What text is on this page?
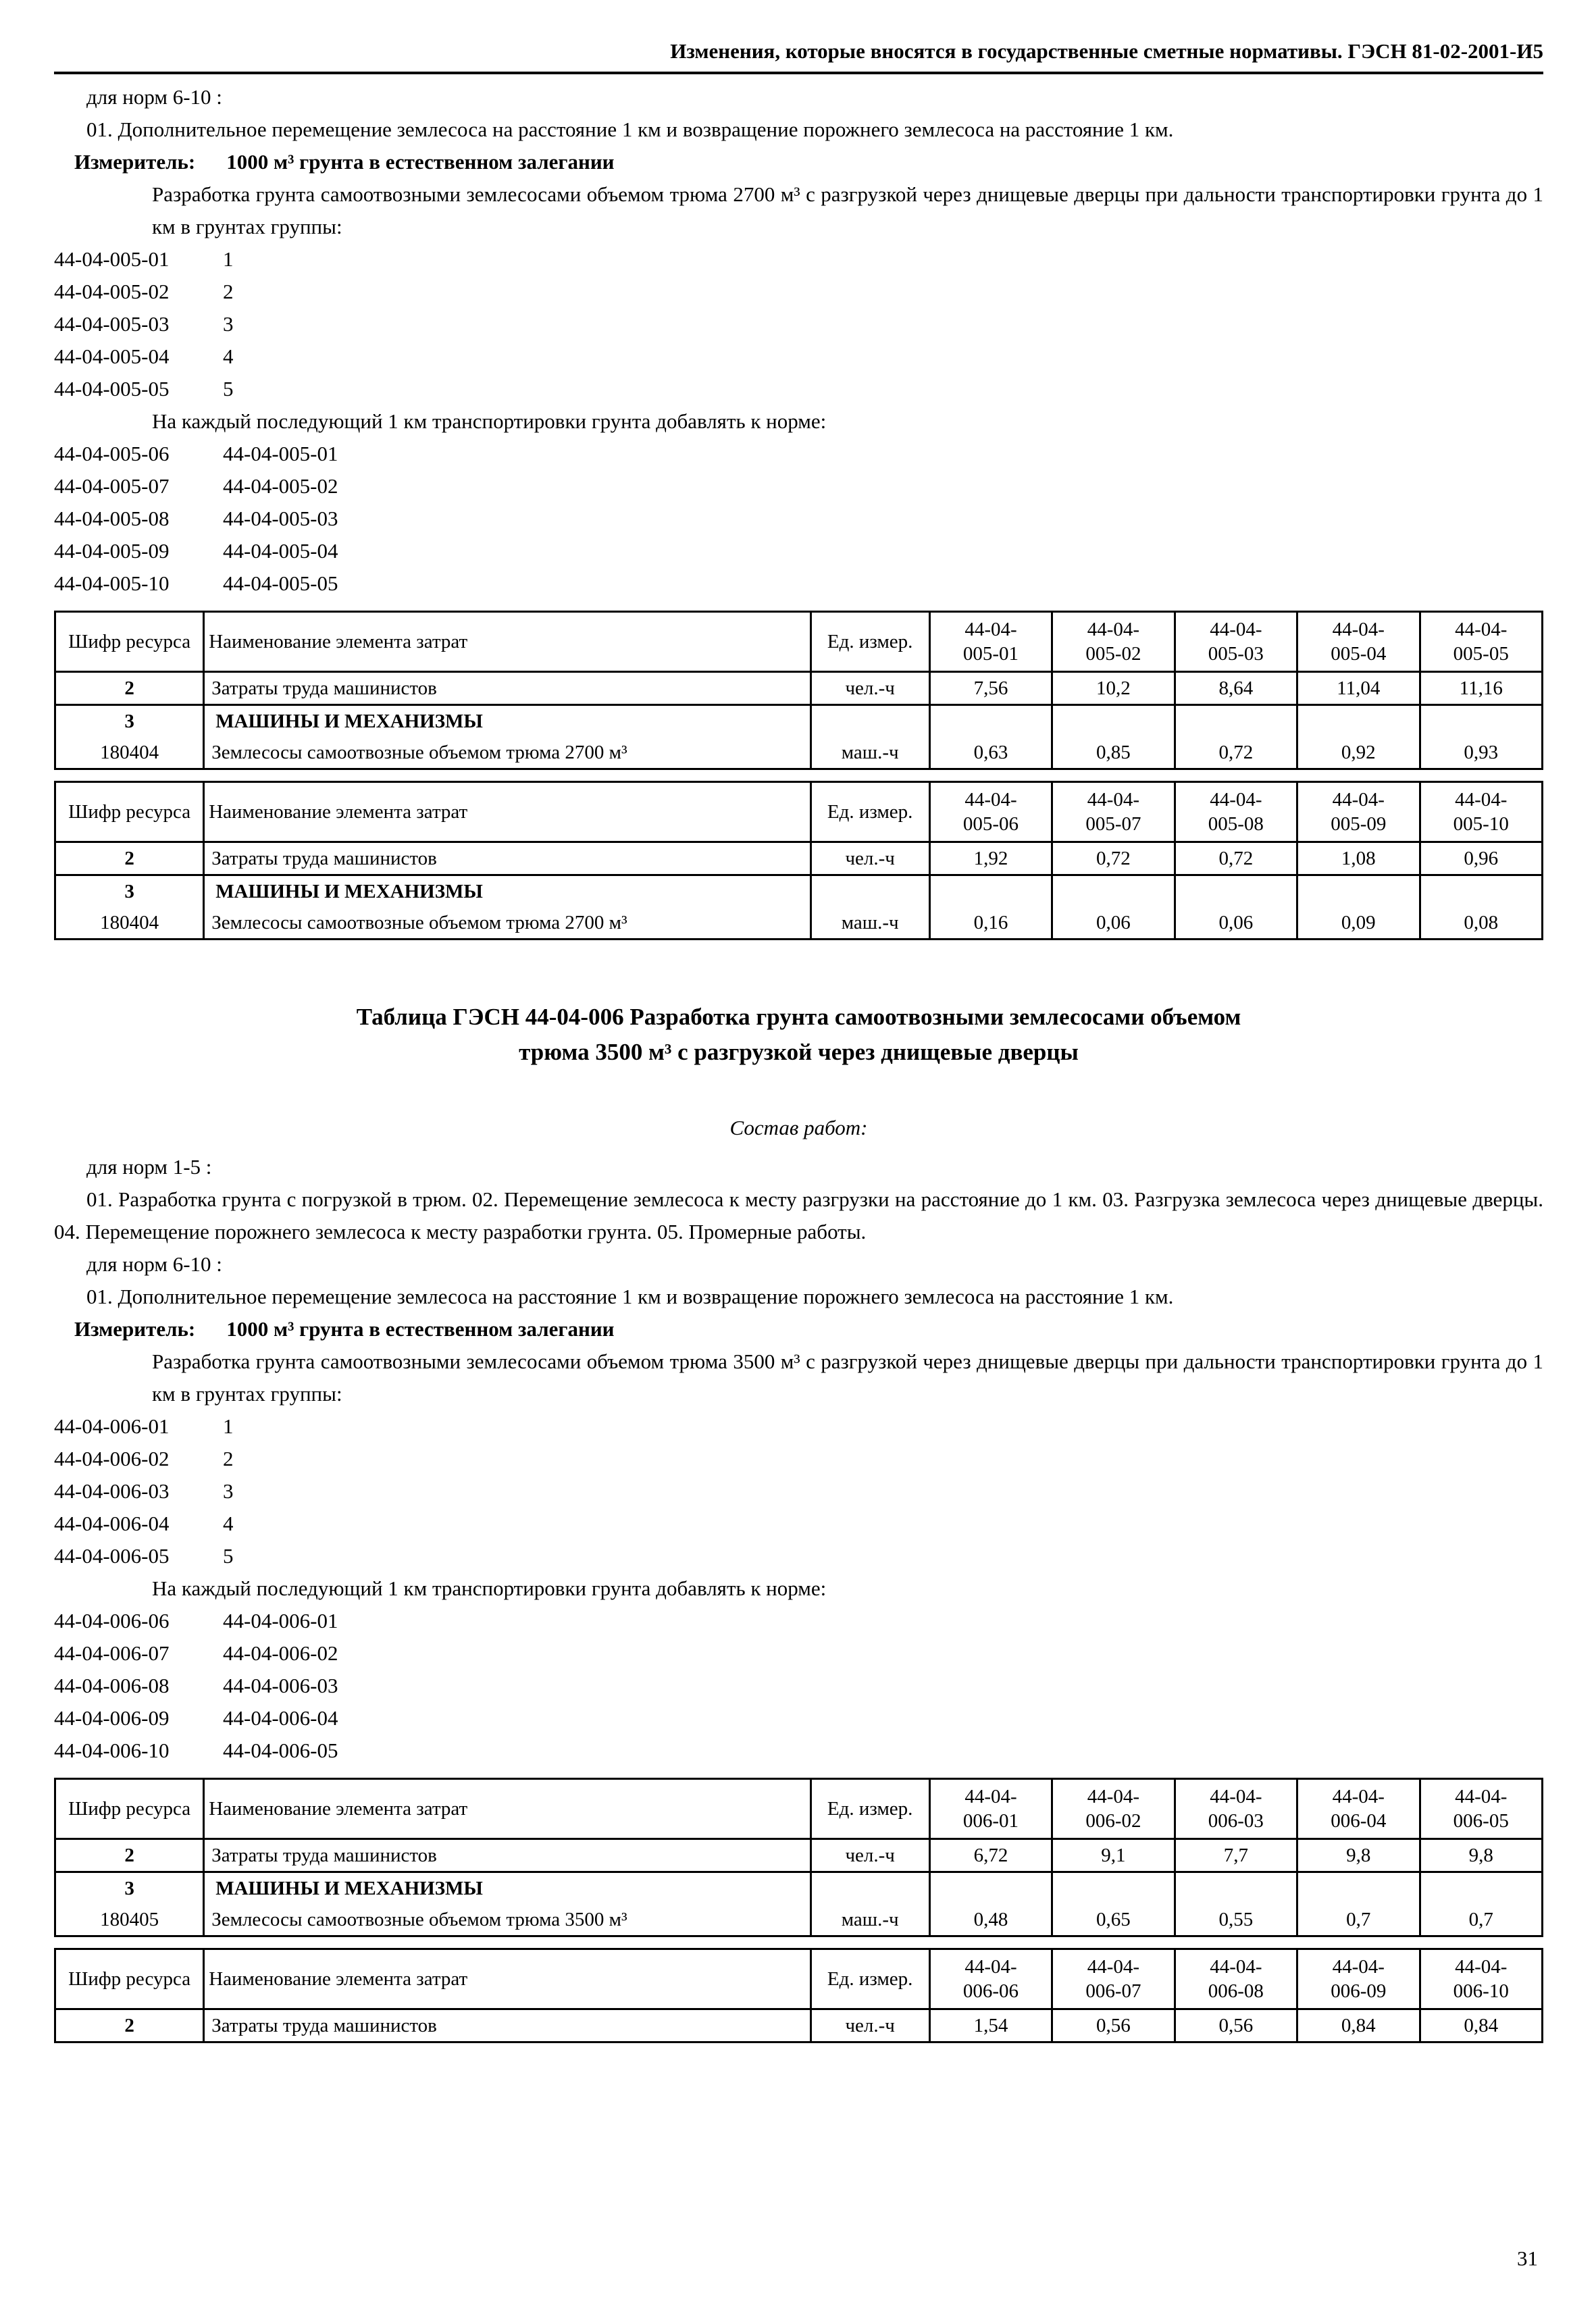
Изменения, которые вносятся в государственные сметные нормативы. ГЭСН 81-02-2001-И5
для норм 6-10 :
01. Дополнительное перемещение землесоса на расстояние 1 км и возвращение порожнего землесоса на расстояние 1 км.
Измеритель: 1000 м³ грунта в естественном залегании
Разработка грунта самоотвозными землесосами объемом трюма 2700 м³ с разгрузкой через днищевые дверцы при дальности транспортировки грунта до 1 км в грунтах группы:
44-04-005-01	1
44-04-005-02	2
44-04-005-03	3
44-04-005-04	4
44-04-005-05	5
На каждый последующий 1 км транспортировки грунта добавлять к норме:
44-04-005-06	44-04-005-01
44-04-005-07	44-04-005-02
44-04-005-08	44-04-005-03
44-04-005-09	44-04-005-04
44-04-005-10	44-04-005-05
Шифр ресурса	Наименование элемента затрат	Ед. измер.	
44-04-
005-01

44-04-
005-02

44-04-
005-03

44-04-
005-04

44-04-
005-05

2	Затраты труда машинистов	чел.-ч	7,56	10,2	8,64	11,04	11,16
3	МАШИНЫ И МЕХАНИЗМЫ						
180404	Землесосы самоотвозные объемом трюма 2700 м³	маш.-ч	0,63	0,85	0,72	0,92	0,93
Шифр ресурса	Наименование элемента затрат	Ед. измер.	
44-04-
005-06

44-04-
005-07

44-04-
005-08

44-04-
005-09

44-04-
005-10

2	Затраты труда машинистов	чел.-ч	1,92	0,72	0,72	1,08	0,96
3	МАШИНЫ И МЕХАНИЗМЫ						
180404	Землесосы самоотвозные объемом трюма 2700 м³	маш.-ч	0,16	0,06	0,06	0,09	0,08
Таблица ГЭСН 44-04-006 Разработка грунта самоотвозными землесосами объемом
трюма 3500 м³ с разгрузкой через днищевые дверцы
Состав работ:
для норм 1-5 :
01. Разработка грунта с погрузкой в трюм. 02. Перемещение землесоса к месту разгрузки на расстояние до 1 км. 03. Разгрузка землесоса через днищевые дверцы. 04. Перемещение порожнего землесоса к месту разработки грунта. 05. Промерные работы.
для норм 6-10 :
01. Дополнительное перемещение землесоса на расстояние 1 км и возвращение порожнего землесоса на расстояние 1 км.
Измеритель: 1000 м³ грунта в естественном залегании
Разработка грунта самоотвозными землесосами объемом трюма 3500 м³ с разгрузкой через днищевые дверцы при дальности транспортировки грунта до 1 км в грунтах группы:
44-04-006-01	1
44-04-006-02	2
44-04-006-03	3
44-04-006-04	4
44-04-006-05	5
На каждый последующий 1 км транспортировки грунта добавлять к норме:
44-04-006-06	44-04-006-01
44-04-006-07	44-04-006-02
44-04-006-08	44-04-006-03
44-04-006-09	44-04-006-04
44-04-006-10	44-04-006-05
Шифр ресурса	Наименование элемента затрат	Ед. измер.	
44-04-
006-01

44-04-
006-02

44-04-
006-03

44-04-
006-04

44-04-
006-05

2	Затраты труда машинистов	чел.-ч	6,72	9,1	7,7	9,8	9,8
3	МАШИНЫ И МЕХАНИЗМЫ						
180405	Землесосы самоотвозные объемом трюма 3500 м³	маш.-ч	0,48	0,65	0,55	0,7	0,7
Шифр ресурса	Наименование элемента затрат	Ед. измер.	
44-04-
006-06

44-04-
006-07

44-04-
006-08

44-04-
006-09

44-04-
006-10

2	Затраты труда машинистов	чел.-ч	1,54	0,56	0,56	0,84	0,84
31
